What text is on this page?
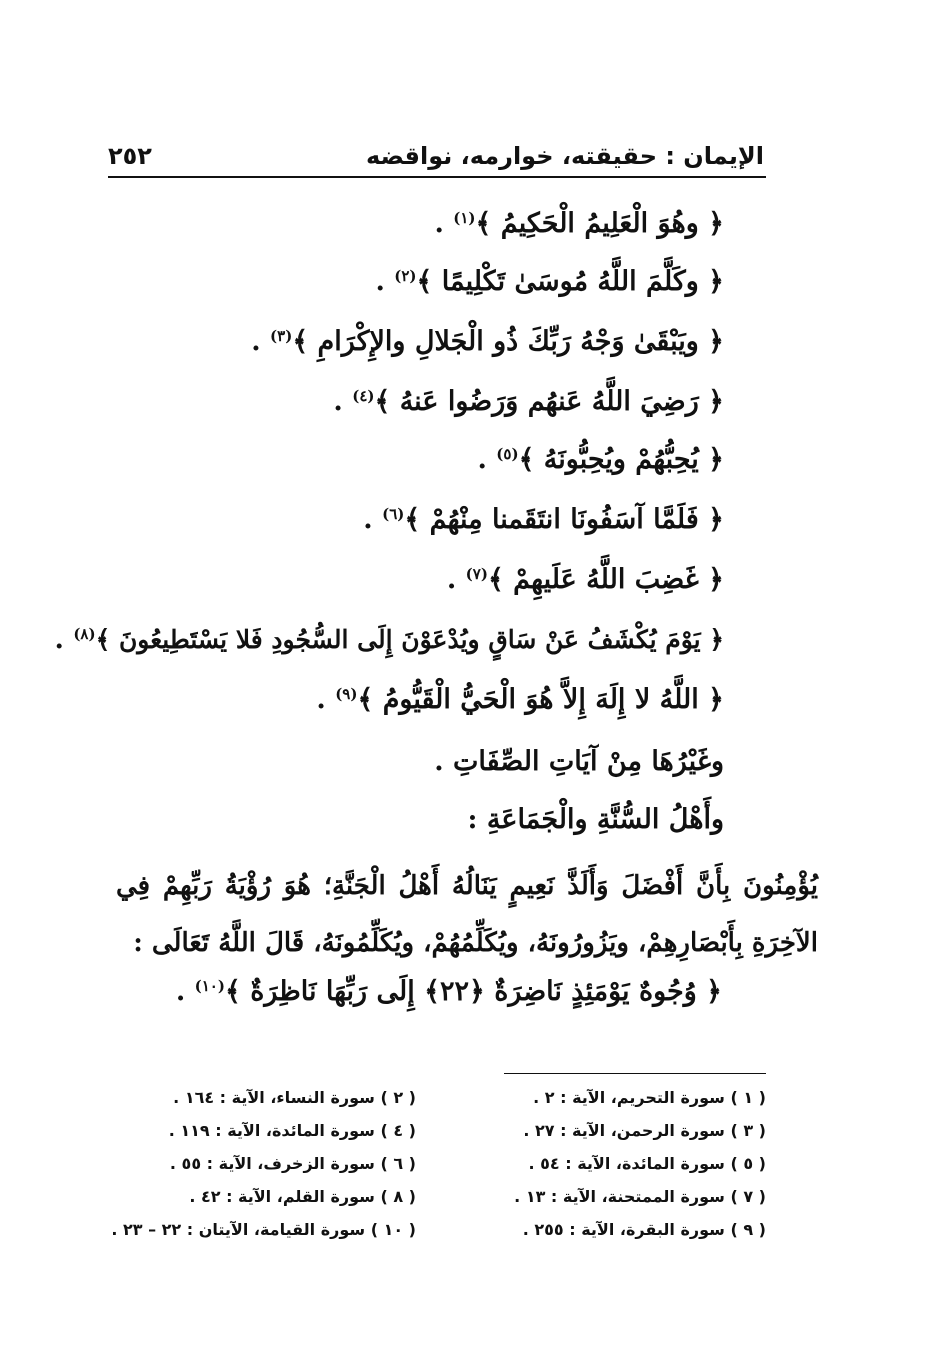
الإيمان : حقيقته، خوارمه، نواقضه
٢٥٢
﴿ وهُوَ الْعَلِيمُ الْحَكِيمُ ﴾$^{(١)}$ .
﴿ وكَلَّمَ اللَّهُ مُوسَىٰ تَكْلِيمًا ﴾$^{(٢)}$ .
﴿ ويَبْقَىٰ وَجْهُ رَبِّكَ ذُو الْجَلالِ والإِكْرَامِ ﴾$^{(٣)}$ .
﴿ رَضِيَ اللَّهُ عَنهُم وَرَضُوا عَنهُ ﴾$^{(٤)}$ .
﴿ يُحِبُّهُمْ ويُحِبُّونَهُ ﴾$^{(٥)}$ .
﴿ فَلَمَّا آسَفُونَا انتَقَمنا مِنْهُمْ ﴾$^{(٦)}$ .
﴿ غَضِبَ اللَّهُ عَلَيهِمْ ﴾$^{(٧)}$ .
﴿ يَوْمَ يُكْشَفُ عَنْ سَاقٍ ويُدْعَوْنَ إِلَى السُّجُودِ فَلا يَسْتَطِيعُونَ ﴾$^{(٨)}$ .
﴿ اللَّهُ لا إِلَهَ إِلاَّ هُوَ الْحَيُّ الْقَيُّومُ ﴾$^{(٩)}$ .
وغَيْرُهَا مِنْ آيَاتِ الصِّفَاتِ .
وأَهْلُ السُّنَّةِ والْجَمَاعَةِ :
يُؤْمِنُونَ بِأَنَّ أَفْضَلَ وَأَلَذَّ نَعِيمٍ يَنَالُهُ أَهْلُ الْجَنَّةِ؛ هُوَ رُؤْيَةُ رَبِّهِمْ فِي الآخِرَةِ بِأَبْصَارِهِمْ، ويَزُورُونَهُ، ويُكَلِّمُهُمْ، ويُكَلِّمُونَهُ، قَالَ اللَّهُ تَعَالَى :
﴿ وُجُوهٌ يَوْمَئِذٍ نَاضِرَةٌ ﴿٢٢﴾ إِلَى رَبِّهَا نَاظِرَةٌ ﴾$^{(١٠)}$ .
( ١ ) سورة التحريم، الآية : ٢ .
( ٢ ) سورة النساء، الآية : ١٦٤ .
( ٣ ) سورة الرحمن، الآية : ٢٧ .
( ٤ ) سورة المائدة، الآية : ١١٩ .
( ٥ ) سورة المائدة، الآية : ٥٤ .
( ٦ ) سورة الزخرف، الآية : ٥٥ .
( ٧ ) سورة الممتحنة، الآية : ١٣ .
( ٨ ) سورة القلم، الآية : ٤٢ .
( ٩ ) سورة البقرة، الآية : ٢٥٥ .
( ١٠ ) سورة القيامة، الآيتان : ٢٢ – ٢٣ .
